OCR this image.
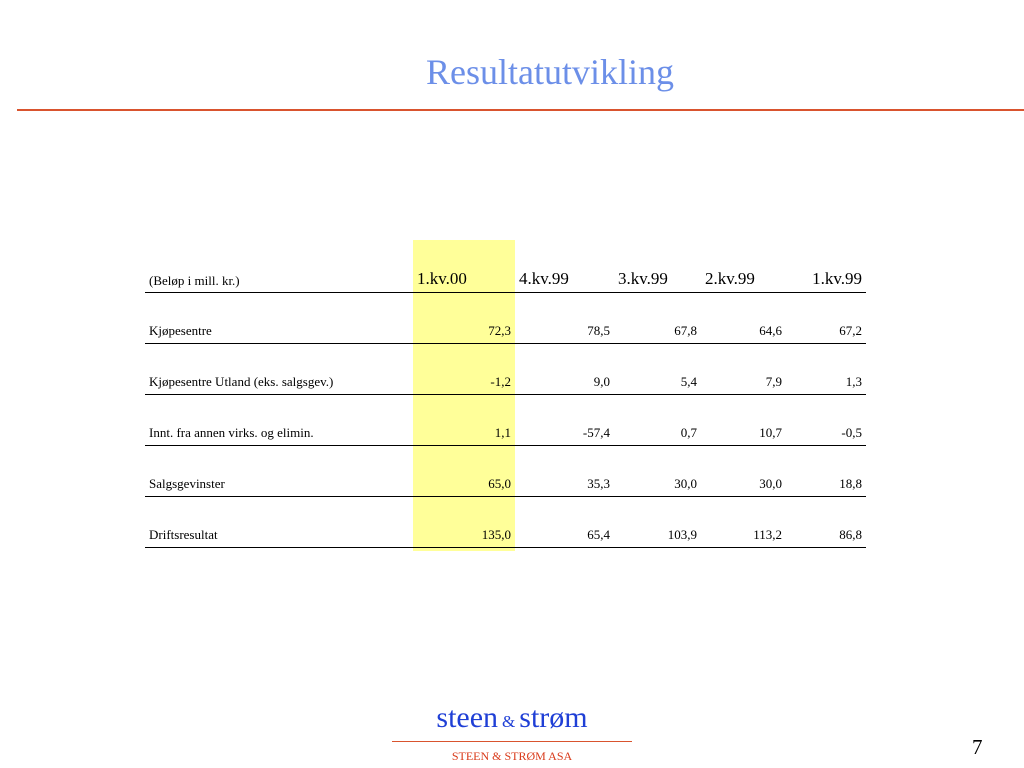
Resultatutvikling
(Beløp i mill. kr.)	1.kv.00	4.kv.99	3.kv.99	2.kv.99	1.kv.99
Kjøpesentre	72,3	78,5	67,8	64,6	67,2
Kjøpesentre Utland (eks. salgsgev.)	-1,2	9,0	5,4	7,9	1,3
Innt. fra annen virks. og elimin.	1,1	-57,4	0,7	10,7	-0,5
Salgsgevinster	65,0	35,3	30,0	30,0	18,8
Driftsresultat	135,0	65,4	103,9	113,2	86,8
steen & strøm
STEEN & STRØM ASA	7
